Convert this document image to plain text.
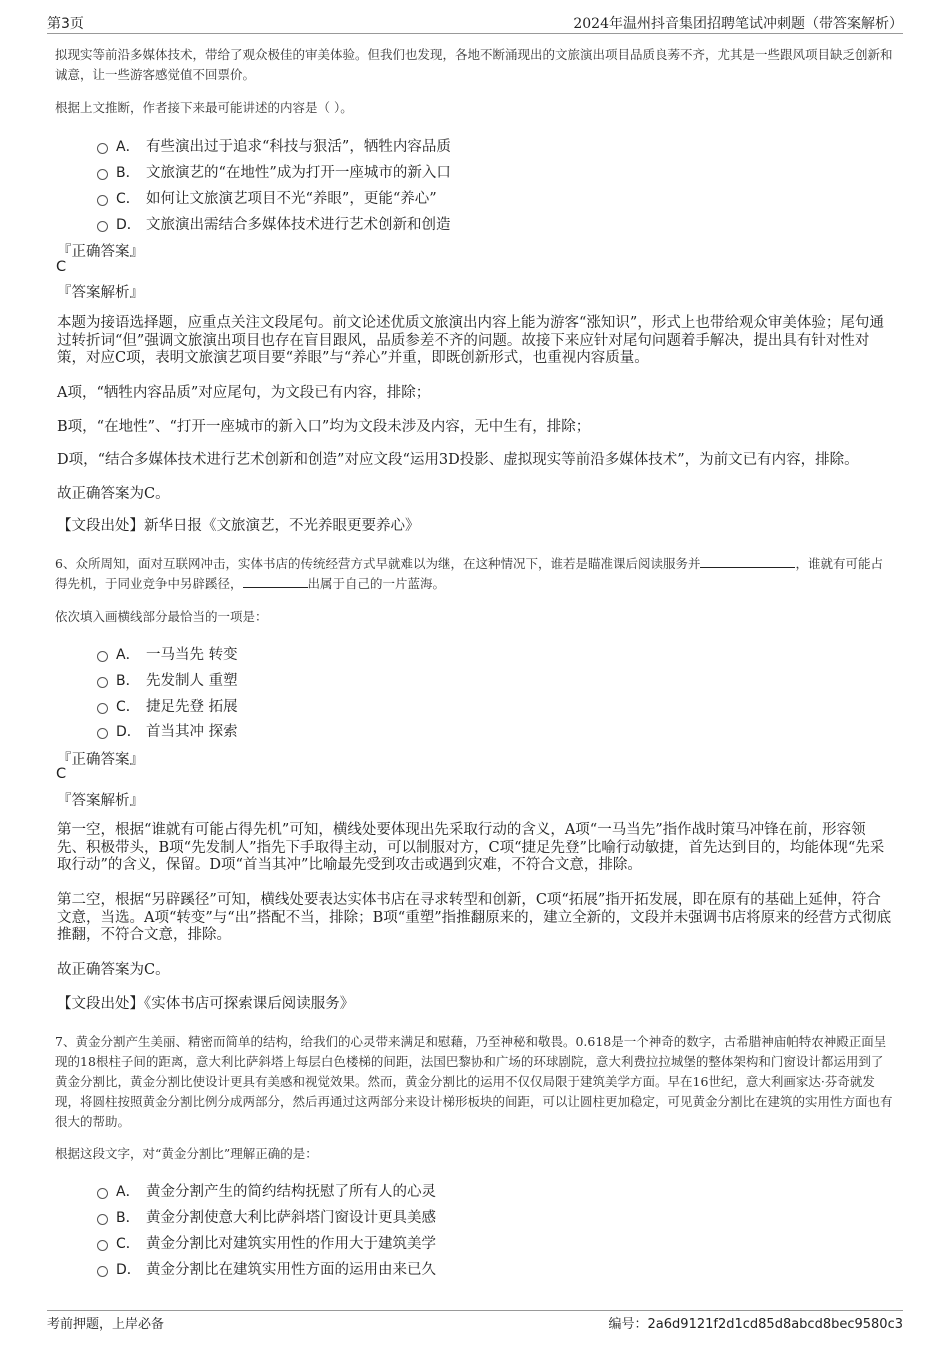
第3页	2024年温州抖音集团招聘笔试冲刺题（带答案解析）
拟现实等前沿多媒体技术，带给了观众极佳的审美体验。但我们也发现，各地不断涌现出的文旅演出项目品质良莠不齐，尤其是一些跟风项目缺乏创新和诚意，让一些游客感觉值不回票价。
根据上文推断，作者接下来最可能讲述的内容是（ ）。
A． 有些演出过于追求“科技与狠活”，牺牲内容品质
B． 文旅演艺的“在地性”成为打开一座城市的新入口
C． 如何让文旅演艺项目不光“养眼”，更能“养心”
D． 文旅演出需结合多媒体技术进行艺术创新和创造
『正确答案』
C
『答案解析』
本题为接语选择题，应重点关注文段尾句。前文论述优质文旅演出内容上能为游客“涨知识”，形式上也带给观众审美体验；尾句通过转折词“但”强调文旅演出项目也存在盲目跟风，品质参差不齐的问题。故接下来应针对尾句问题着手解决，提出具有针对性对策，对应C项，表明文旅演艺项目要“养眼”与“养心”并重，即既创新形式，也重视内容质量。
A项，“牺牲内容品质”对应尾句，为文段已有内容，排除；
B项，“在地性”、“打开一座城市的新入口”均为文段未涉及内容，无中生有，排除；
D项，“结合多媒体技术进行艺术创新和创造”对应文段“运用3D投影、虚拟现实等前沿多媒体技术”，为前文已有内容，排除。
故正确答案为C。
【文段出处】新华日报《文旅演艺，不光养眼更要养心》
6、众所周知，面对互联网冲击，实体书店的传统经营方式早就难以为继，在这种情况下，谁若是瞄准课后阅读服务并	，谁就有可能占得先机，于同业竞争中另辟蹊径，	出属于自己的一片蓝海。
依次填入画横线部分最恰当的一项是：
A． 一马当先 转变
B． 先发制人 重塑
C． 捷足先登 拓展
D． 首当其冲 探索
『正确答案』
C
『答案解析』
第一空，根据“谁就有可能占得先机”可知，横线处要体现出先采取行动的含义，A项“一马当先”指作战时策马冲锋在前，形容领先、积极带头，B项“先发制人”指先下手取得主动，可以制服对方，C项“捷足先登”比喻行动敏捷，首先达到目的，均能体现“先采取行动”的含义，保留。D项“首当其冲”比喻最先受到攻击或遇到灾难，不符合文意，排除。
第二空，根据“另辟蹊径”可知，横线处要表达实体书店在寻求转型和创新，C项“拓展”指开拓发展，即在原有的基础上延伸，符合文意，当选。A项“转变”与“出”搭配不当，排除；B项“重塑”指推翻原来的，建立全新的，文段并未强调书店将原来的经营方式彻底推翻，不符合文意，排除。
故正确答案为C。
【文段出处】《实体书店可探索课后阅读服务》
7、黄金分割产生美丽、精密而简单的结构，给我们的心灵带来满足和慰藉，乃至神秘和敬畏。0.618是一个神奇的数字，古希腊神庙帕特农神殿正面呈现的18根柱子间的距离，意大利比萨斜塔上每层白色楼梯的间距，法国巴黎协和广场的环球剧院，意大利费拉拉城堡的整体架构和门窗设计都运用到了黄金分割比，黄金分割比使设计更具有美感和视觉效果。然而，黄金分割比的运用不仅仅局限于建筑美学方面。早在16世纪，意大利画家达·芬奇就发现，将圆柱按照黄金分割比例分成两部分，然后再通过这两部分来设计梯形板块的间距，可以让圆柱更加稳定，可见黄金分割比在建筑的实用性方面也有很大的帮助。
根据这段文字，对“黄金分割比”理解正确的是：
A． 黄金分割产生的简约结构抚慰了所有人的心灵
B． 黄金分割使意大利比萨斜塔门窗设计更具美感
C． 黄金分割比对建筑实用性的作用大于建筑美学
D． 黄金分割比在建筑实用性方面的运用由来已久
考前押题，上岸必备	编号：2a6d9121f2d1cd85d8abcd8bec9580c3
